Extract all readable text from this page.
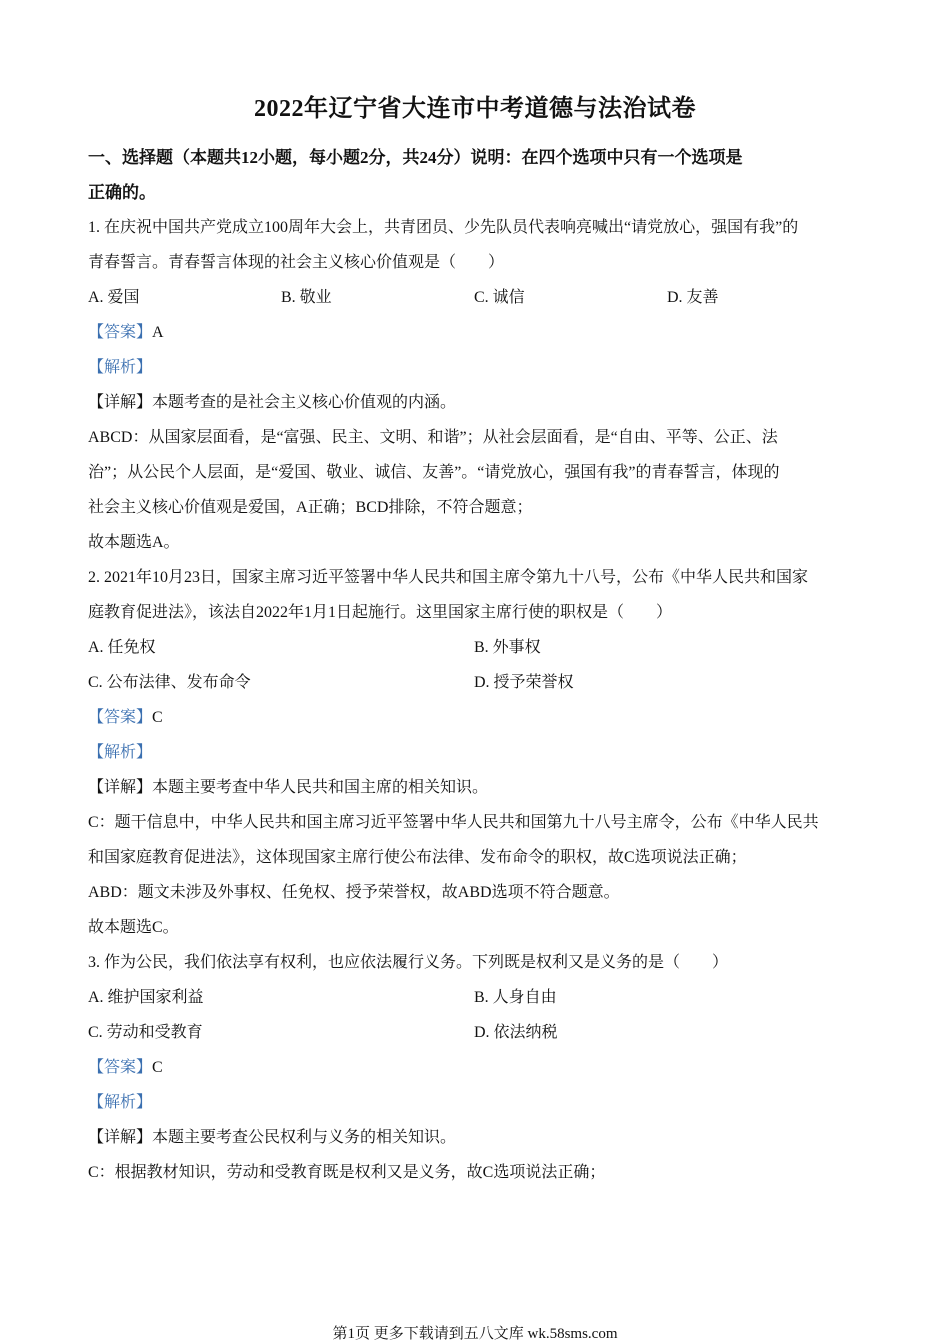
2022年辽宁省大连市中考道德与法治试卷
一、选择题（本题共12小题，每小题2分，共24分）说明：在四个选项中只有一个选项是
正确的。
1. 在庆祝中国共产党成立100周年大会上，共青团员、少先队员代表响亮喊出“请党放心，强国有我”的
青春誓言。青春誓言体现的社会主义核心价值观是（　　）
A. 爱国	B. 敬业	C. 诚信	D. 友善
【答案】A
【解析】
【详解】本题考查的是社会主义核心价值观的内涵。
ABCD：从国家层面看，是“富强、民主、文明、和谐”；从社会层面看，是“自由、平等、公正、法
治”；从公民个人层面，是“爱国、敬业、诚信、友善”。“请党放心，强国有我”的青春誓言，体现的
社会主义核心价值观是爱国，A正确；BCD排除，不符合题意；
故本题选A。
2. 2021年10月23日，国家主席习近平签署中华人民共和国主席令第九十八号，公布《中华人民共和国家
庭教育促进法》，该法自2022年1月1日起施行。这里国家主席行使的职权是（　　）
A. 任免权	B. 外事权
C. 公布法律、发布命令	D. 授予荣誉权
【答案】C
【解析】
【详解】本题主要考查中华人民共和国主席的相关知识。
C：题干信息中，中华人民共和国主席习近平签署中华人民共和国第九十八号主席令，公布《中华人民共
和国家庭教育促进法》，这体现国家主席行使公布法律、发布命令的职权，故C选项说法正确；
ABD：题文未涉及外事权、任免权、授予荣誉权，故ABD选项不符合题意。
故本题选C。
3. 作为公民，我们依法享有权利，也应依法履行义务。下列既是权利又是义务的是（　　）
A. 维护国家利益	B. 人身自由
C. 劳动和受教育	D. 依法纳税
【答案】C
【解析】
【详解】本题主要考查公民权利与义务的相关知识。
C：根据教材知识，劳动和受教育既是权利又是义务，故C选项说法正确；
第1页 更多下载请到五八文库 wk.58sms.com
